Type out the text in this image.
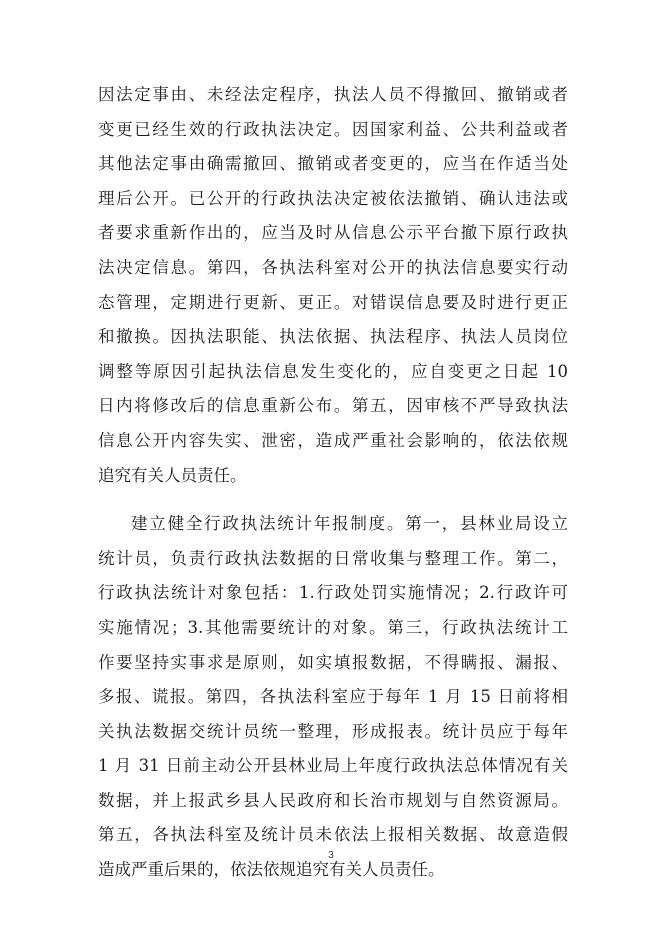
因法定事由、未经法定程序，执法人员不得撤回、撤销或者
变更已经生效的行政执法决定。因国家利益、公共利益或者
其他法定事由确需撤回、撤销或者变更的，应当在作适当处
理后公开。已公开的行政执法决定被依法撤销、确认违法或
者要求重新作出的，应当及时从信息公示平台撤下原行政执
法决定信息。第四，各执法科室对公开的执法信息要实行动
态管理，定期进行更新、更正。对错误信息要及时进行更正
和撤换。因执法职能、执法依据、执法程序、执法人员岗位
调整等原因引起执法信息发生变化的，应自变更之日起 10
日内将修改后的信息重新公布。第五，因审核不严导致执法
信息公开内容失实、泄密，造成严重社会影响的，依法依规
追究有关人员责任。
建立健全行政执法统计年报制度。第一，县林业局设立
统计员，负责行政执法数据的日常收集与整理工作。第二，
行政执法统计对象包括：1.行政处罚实施情况；2.行政许可
实施情况；3.其他需要统计的对象。第三，行政执法统计工
作要坚持实事求是原则，如实填报数据，不得瞒报、漏报、
多报、谎报。第四，各执法科室应于每年 1 月 15 日前将相
关执法数据交统计员统一整理，形成报表。统计员应于每年
1 月 31 日前主动公开县林业局上年度行政执法总体情况有关
数据，并上报武乡县人民政府和长治市规划与自然资源局。
第五，各执法科室及统计员未依法上报相关数据、故意造假
造成严重后果的，依法依规追究有关人员责任。
3
